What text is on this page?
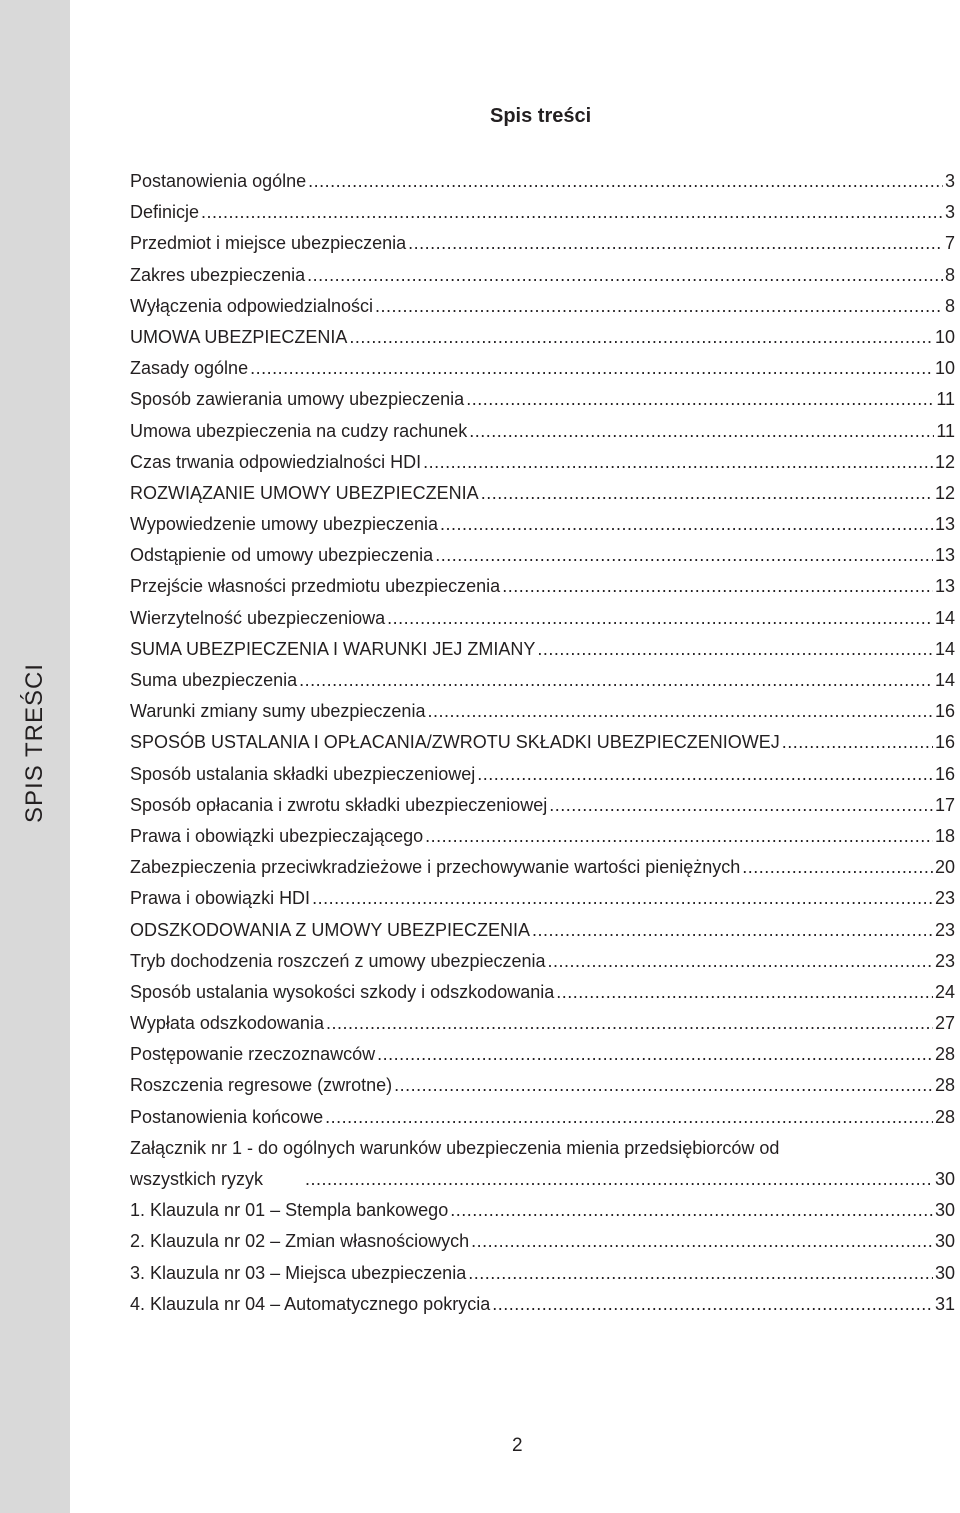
SPIS TREŚCI
Spis treści
Postanowienia ogólne .....	3
Definicje .....	3
Przedmiot i miejsce ubezpieczenia .....	7
Zakres ubezpieczenia .....	8
Wyłączenia odpowiedzialności .....	8
UMOWA UBEZPIECZENIA .....	10
Zasady ogólne .....	10
Sposób zawierania umowy ubezpieczenia .....	11
Umowa ubezpieczenia na cudzy rachunek .....	11
Czas trwania odpowiedzialności HDI .....	12
ROZWIĄZANIE UMOWY UBEZPIECZENIA .....	12
Wypowiedzenie umowy ubezpieczenia .....	13
Odstąpienie od umowy ubezpieczenia .....	13
Przejście własności przedmiotu ubezpieczenia .....	13
Wierzytelność ubezpieczeniowa .....	14
SUMA UBEZPIECZENIA I WARUNKI JEJ ZMIANY .....	14
Suma ubezpieczenia .....	14
Warunki zmiany sumy ubezpieczenia .....	16
SPOSÓB USTALANIA I OPŁACANIA/ZWROTU SKŁADKI UBEZPIECZENIOWEJ .....	16
Sposób ustalania składki ubezpieczeniowej .....	16
Sposób opłacania i zwrotu składki ubezpieczeniowej .....	17
Prawa i obowiązki ubezpieczającego .....	18
Zabezpieczenia przeciwkradzieżowe i przechowywanie wartości pieniężnych .....	20
Prawa i obowiązki HDI .....	23
ODSZKODOWANIA Z UMOWY UBEZPIECZENIA .....	23
Tryb dochodzenia roszczeń z umowy ubezpieczenia .....	23
Sposób ustalania wysokości szkody i odszkodowania .....	24
Wypłata odszkodowania .....	27
Postępowanie rzeczoznawców .....	28
Roszczenia regresowe (zwrotne) .....	28
Postanowienia końcowe .....	28
Załącznik nr 1 - do ogólnych warunków ubezpieczenia mienia przedsiębiorców od
wszystkich ryzyk .....	30
1. Klauzula nr 01 – Stempla bankowego .....	30
2. Klauzula nr 02 – Zmian własnościowych .....	30
3. Klauzula nr 03 – Miejsca ubezpieczenia .....	30
4. Klauzula nr 04 – Automatycznego pokrycia .....	31
2
